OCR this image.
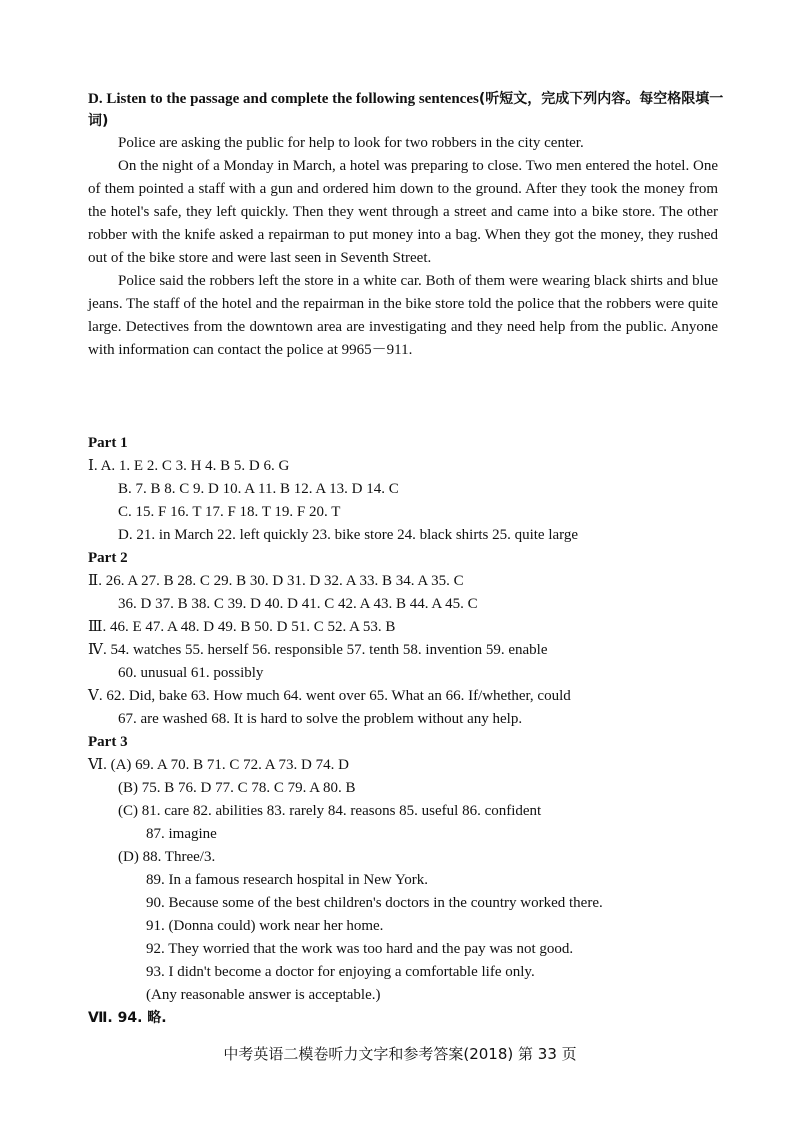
D. Listen to the passage and complete the following sentences(听短文，完成下列内容。每空格限填一词)

Police are asking the public for help to look for two robbers in the city center.

On the night of a Monday in March, a hotel was preparing to close. Two men entered the hotel. One of them pointed a staff with a gun and ordered him down to the ground. After they took the money from the hotel's safe, they left quickly. Then they went through a street and came into a bike store. The other robber with the knife asked a repairman to put money into a bag. When they got the money, they rushed out of the bike store and were last seen in Seventh Street.

Police said the robbers left the store in a white car. Both of them were wearing black shirts and blue jeans. The staff of the hotel and the repairman in the bike store told the police that the robbers were quite large. Detectives from the downtown area are investigating and they need help from the public. Anyone with information can contact the police at 9965－911.

Part 1
Ⅰ. A. 1. E 2. C 3. H 4. B 5. D 6. G
B. 7. B 8. C 9. D 10. A 11. B 12. A 13. D 14. C
C. 15. F 16. T 17. F 18. T 19. F 20. T
D. 21. in March 22. left quickly 23. bike store 24. black shirts 25. quite large
Part 2
Ⅱ. 26. A 27. B 28. C 29. B 30. D 31. D 32. A 33. B 34. A 35. C
36. D 37. B 38. C 39. D 40. D 41. C 42. A 43. B 44. A 45. C
Ⅲ. 46. E 47. A 48. D 49. B 50. D 51. C 52. A 53. B
Ⅳ. 54. watches 55. herself 56. responsible 57. tenth 58. invention 59. enable
60. unusual 61. possibly
Ⅴ. 62. Did, bake 63. How much 64. went over 65. What an 66. If/whether, could
67. are washed 68. It is hard to solve the problem without any help.
Part 3
Ⅵ. (A) 69. A 70. B 71. C 72. A 73. D 74. D
(B) 75. B 76. D 77. C 78. C 79. A 80. B
(C) 81. care 82. abilities 83. rarely 84. reasons 85. useful 86. confident
87. imagine
(D) 88. Three/3.
89. In a famous research hospital in New York.
90. Because some of the best children's doctors in the country worked there.
91. (Donna could) work near her home.
92. They worried that the work was too hard and the pay was not good.
93. I didn't become a doctor for enjoying a comfortable life only.
(Any reasonable answer is acceptable.)
Ⅶ. 94. 略.
中考英语二模卷听力文字和参考答案(2018) 第 33 页
